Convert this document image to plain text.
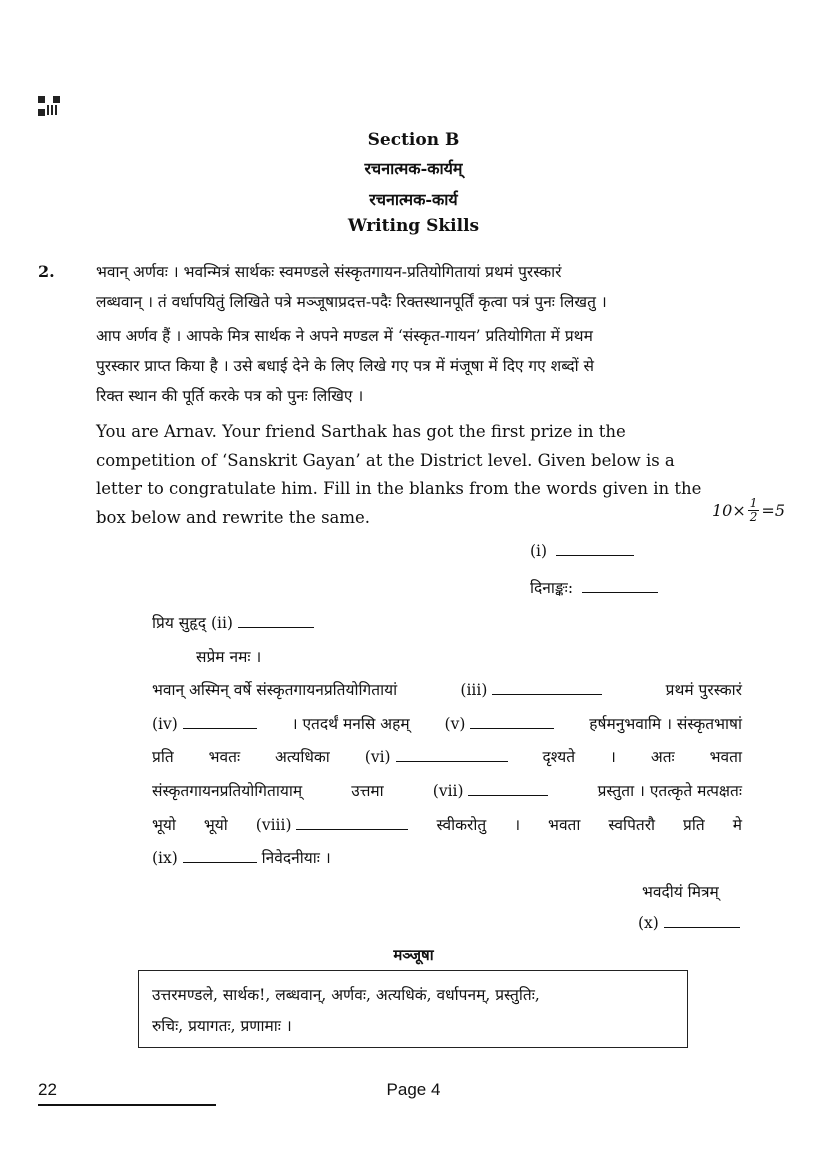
Section B
रचनात्मक-कार्यम्
रचनात्मक-कार्य
Writing Skills
2.	भवान् अर्णवः । भवन्मित्रं सार्थकः स्वमण्डले संस्कृतगायन-प्रतियोगितायां प्रथमं पुरस्कारं
लब्धवान् । तं वर्धापयितुं लिखिते पत्रे मञ्जूषाप्रदत्त-पदैः रिक्तस्थानपूर्तिं कृत्वा पत्रं पुनः लिखतु ।
आप अर्णव हैं । आपके मित्र सार्थक ने अपने मण्डल में ‘संस्कृत-गायन’ प्रतियोगिता में प्रथम
पुरस्कार प्राप्त किया है । उसे बधाई देने के लिए लिखे गए पत्र में मंजूषा में दिए गए शब्दों से
रिक्त स्थान की पूर्ति करके पत्र को पुनः लिखिए ।
You are Arnav. Your friend Sarthak has got the first prize in the
competition of ‘Sanskrit Gayan’ at the District level. Given below is a
letter to congratulate him. Fill in the blanks from the words given in the
box below and rewrite the same.	$10\times \frac{1}{2} =5$
(i)
दिनाङ्कः:
प्रिय सुहृद् (ii)
सप्रेम नमः ।
भवान् अस्मिन् वर्षे संस्कृतगायनप्रतियोगितायां	(iii)	प्रथमं पुरस्कारं
(iv)	। एतदर्थं मनसि अहम् (v)	हर्षमनुभवामि । संस्कृतभाषां
प्रति भवतः अत्यधिका (vi)	दृश्यते । अतः भवता
संस्कृतगायनप्रतियोगितायाम्	उत्तमा	(vii)	प्रस्तुता । एतत्कृते मत्पक्षतः
भूयो भूयो (viii)	स्वीकरोतु । भवता स्वपितरौ प्रति मे
(ix)	निवेदनीयाः ।
भवदीयं मित्रम्
(x)
मञ्जूषा
उत्तरमण्डले, सार्थक!, लब्धवान्, अर्णवः, अत्यधिकं, वर्धापनम्, प्रस्तुतिः,
रुचिः, प्रयागतः, प्रणामाः ।
22	Page 4
